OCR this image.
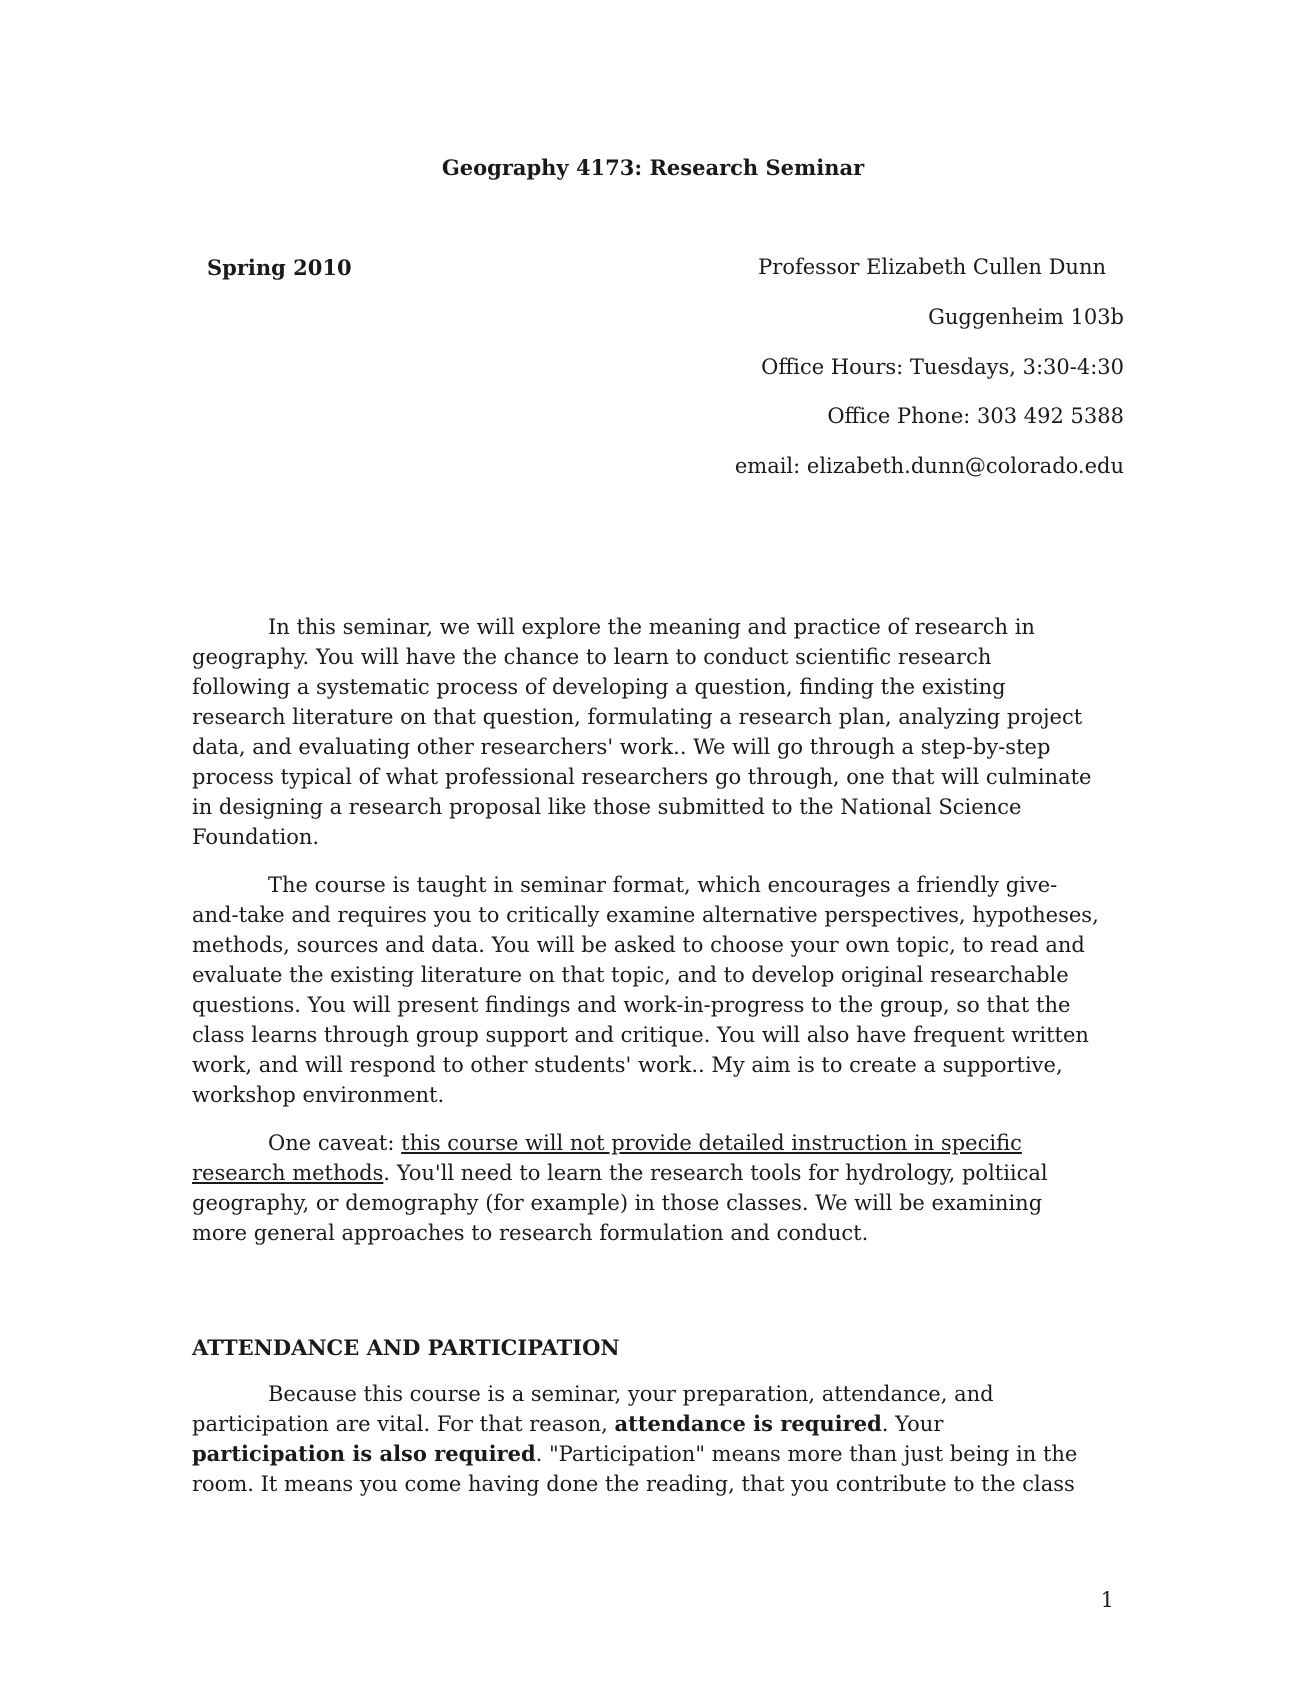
Geography 4173: Research Seminar
Spring 2010	Professor Elizabeth Cullen Dunn
Guggenheim 103b
Office Hours: Tuesdays, 3:30-4:30
Office Phone: 303 492 5388
email: elizabeth.dunn@colorado.edu
In this seminar, we will explore the meaning and practice of research in
geography. You will have the chance to learn to conduct scientific research
following a systematic process of developing a question, finding the existing
research literature on that question, formulating a research plan, analyzing project
data, and evaluating other researchers' work.. We will go through a step-by-step
process typical of what professional researchers go through, one that will culminate
in designing a research proposal like those submitted to the National Science
Foundation.
The course is taught in seminar format, which encourages a friendly give-
and-take and requires you to critically examine alternative perspectives, hypotheses,
methods, sources and data. You will be asked to choose your own topic, to read and
evaluate the existing literature on that topic, and to develop original researchable
questions. You will present findings and work-in-progress to the group, so that the
class learns through group support and critique. You will also have frequent written
work, and will respond to other students' work.. My aim is to create a supportive,
workshop environment.
One caveat: this course will not provide detailed instruction in specific
research methods. You'll need to learn the research tools for hydrology, poltiical
geography, or demography (for example) in those classes. We will be examining
more general approaches to research formulation and conduct.
ATTENDANCE AND PARTICIPATION
Because this course is a seminar, your preparation, attendance, and
participation are vital. For that reason, attendance is required. Your
participation is also required. "Participation" means more than just being in the
room. It means you come having done the reading, that you contribute to the class
1
